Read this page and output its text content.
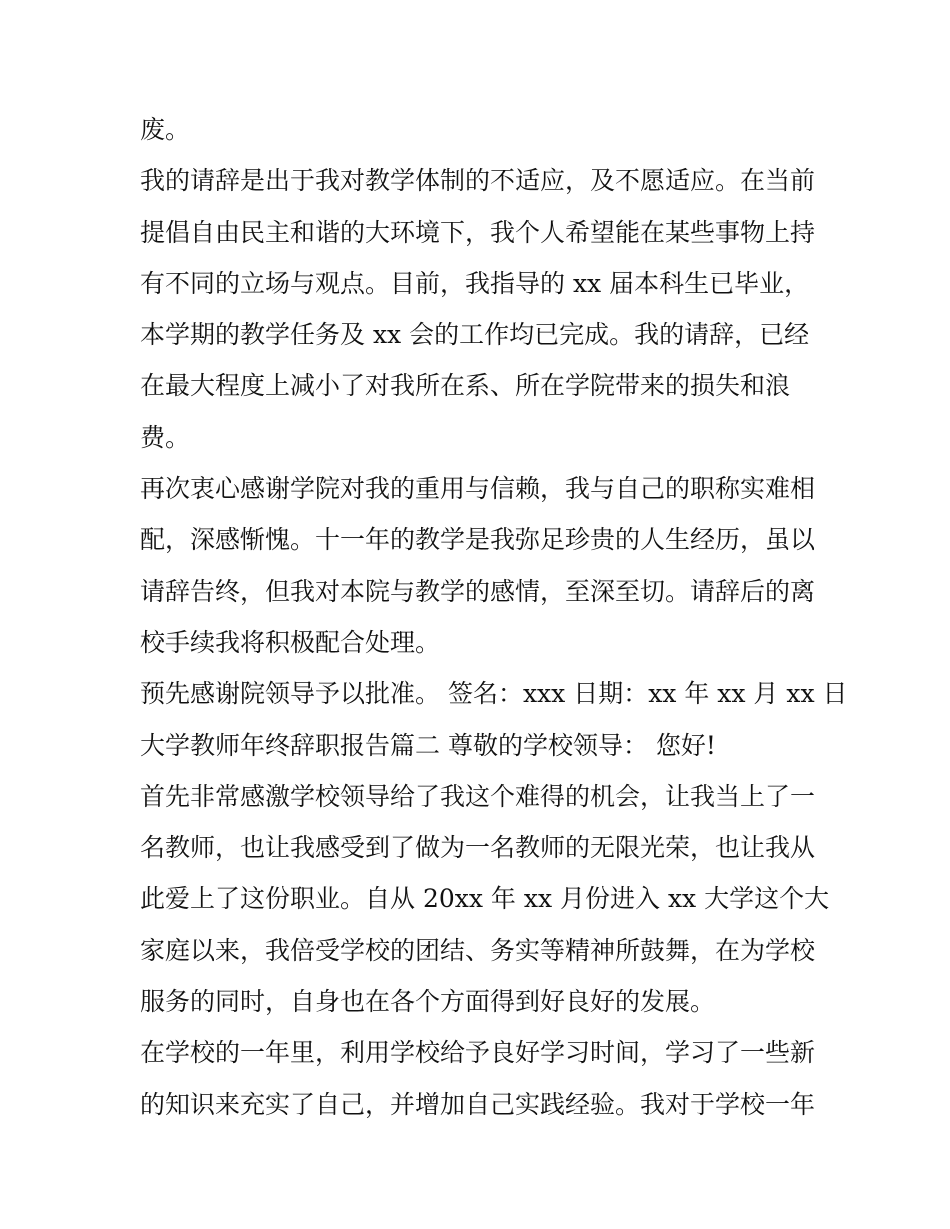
废。
我的请辞是出于我对教学体制的不适应，及不愿适应。在当前
提倡自由民主和谐的大环境下，我个人希望能在某些事物上持
有不同的立场与观点。目前，我指导的 xx 届本科生已毕业，
本学期的教学任务及 xx 会的工作均已完成。我的请辞，已经
在最大程度上减小了对我所在系、所在学院带来的损失和浪
费。
再次衷心感谢学院对我的重用与信赖，我与自己的职称实难相
配，深感惭愧。十一年的教学是我弥足珍贵的人生经历，虽以
请辞告终，但我对本院与教学的感情，至深至切。请辞后的离
校手续我将积极配合处理。
预先感谢院领导予以批准。 签名：xxx 日期：xx 年 xx 月 xx 日
大学教师年终辞职报告篇二 尊敬的学校领导： 您好!
首先非常感激学校领导给了我这个难得的机会，让我当上了一
名教师，也让我感受到了做为一名教师的无限光荣，也让我从
此爱上了这份职业。自从 20xx 年 xx 月份进入 xx 大学这个大
家庭以来，我倍受学校的团结、务实等精神所鼓舞，在为学校
服务的同时，自身也在各个方面得到好良好的发展。
在学校的一年里，利用学校给予良好学习时间，学习了一些新
的知识来充实了自己，并增加自己实践经验。我对于学校一年
